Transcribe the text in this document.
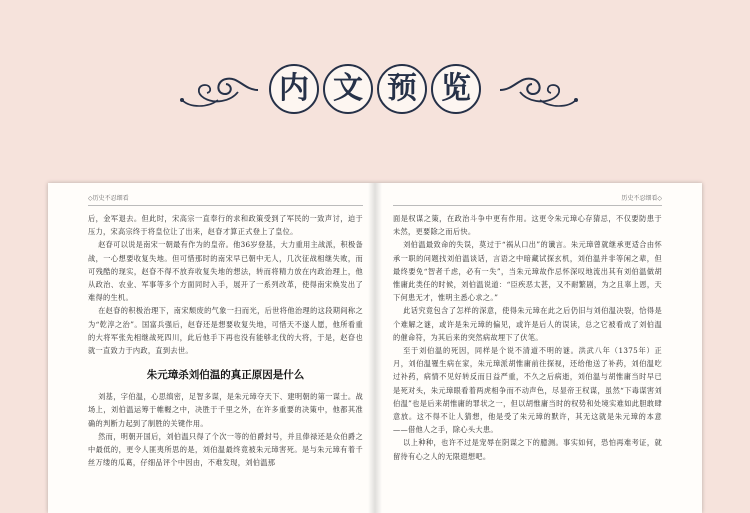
内 文 预 览
◇历史不忍细看

后，金军退去。但此时，宋高宗一直奉行的求和政策受到了军民的一致声讨，迫于压力，宋高宗终于将皇位让了出来，赵眘才算正式登上了皇位。

赵眘可以说是南宋一朝最有作为的皇帝。他36岁登基，大力重用主战派，积极备战，一心想要收复失地。但可惜那时的南宋早已朝中无人，几次征战相继失败，而可残酷的现实，赵眘不得不放弃收复失地的想法，转而将精力放在内政治理上，他从政治、农业、军事等多个方面同时入手，展开了一系列改革，使得南宋焕发出了难得的生机。

在赵眘的积极治理下，南宋颓废的气象一扫而光，后世将他治理的这段期间称之为“乾淳之治”。国富兵强后，赵眘还是想要收复失地，可惜天不遂人愿，他所看重的大将军张先相继战死四川，此后他手下再也没有能够北伐的大将，于是，赵眘也就一直致力于内政，直到去世。

朱元璋杀刘伯温的真正原因是什么

刘基，字伯温，心思缜密，足智多谋，是朱元璋夺天下、建明朝的第一谋士。战场上，刘伯温运筹于帷幄之中，决胜于千里之外，在许多重要的决策中，他都其准确的判断力起到了制胜的关键作用。

然而，明朝开国后，刘伯温只得了个次一等的伯爵封号，并且俸禄还是众伯爵之中最低的，更令人匪夷所思的是，刘伯温最终竟被朱元璋害死。是与朱元璋有着千丝万缕的瓜葛，仔细品评个中因由，不难发现，刘伯温那

历史不忍细看◇

面是权谋之策，在政治斗争中更有作用。这更令朱元璋心存猜忌，不仅要防患于未然，更要除之而后快。

刘伯温最致命的失误，莫过于“祸从口出”的谶言。朱元璋曾就继承更适合由怀承一职的问题找刘伯温谈话，言语之中暗藏试探玄机，刘伯温并非等闲之辈，但最终要免“智者千虑，必有一失”，当朱元璋故作忌怀深叹地流出其有刘伯温做胡惟庸此类任的时候，刘伯温说道：“臣疾恶太甚，又不耐繁剧，为之且辜上恩，天下何患无才，惟明主悉心求之。”

此话究竟包含了怎样的深意，使得朱元璋在此之后仍旧与刘伯温决裂，恰得是个难解之谜，或许是朱元璋的偏见，或许是后人的误读，总之它被看成了刘伯温的催命符，为其后来的突然病故埋下了伏笔。

至于刘伯温的死因，同样是个说不清道不明的谜。洪武八年（1375年）正月，刘伯温罹生病在家，朱元璋派胡惟庸前往探视，还给他送了补药，刘伯温吃过补药，病情不见好转反而日益严重，不久之后病逝，刘伯温与胡惟庸当时早已是死对头，朱元璋眼看着两虎相争而不动声色，尽显帝王权谋，虽然“下毒谋害刘伯温”也是后来胡惟庸的罪状之一，但以胡惟庸当时的权势和处境实难如此胆敢肆意放。这不得不让人猜想，他是受了朱元璋的默许，其无这就是朱元璋的本意——借他人之手，除心头大患。

以上种种，也许不过是宠辱在阴谋之下的臆测。事实如何，恐怕再难考证，就留待有心之人的无限遐想吧。
